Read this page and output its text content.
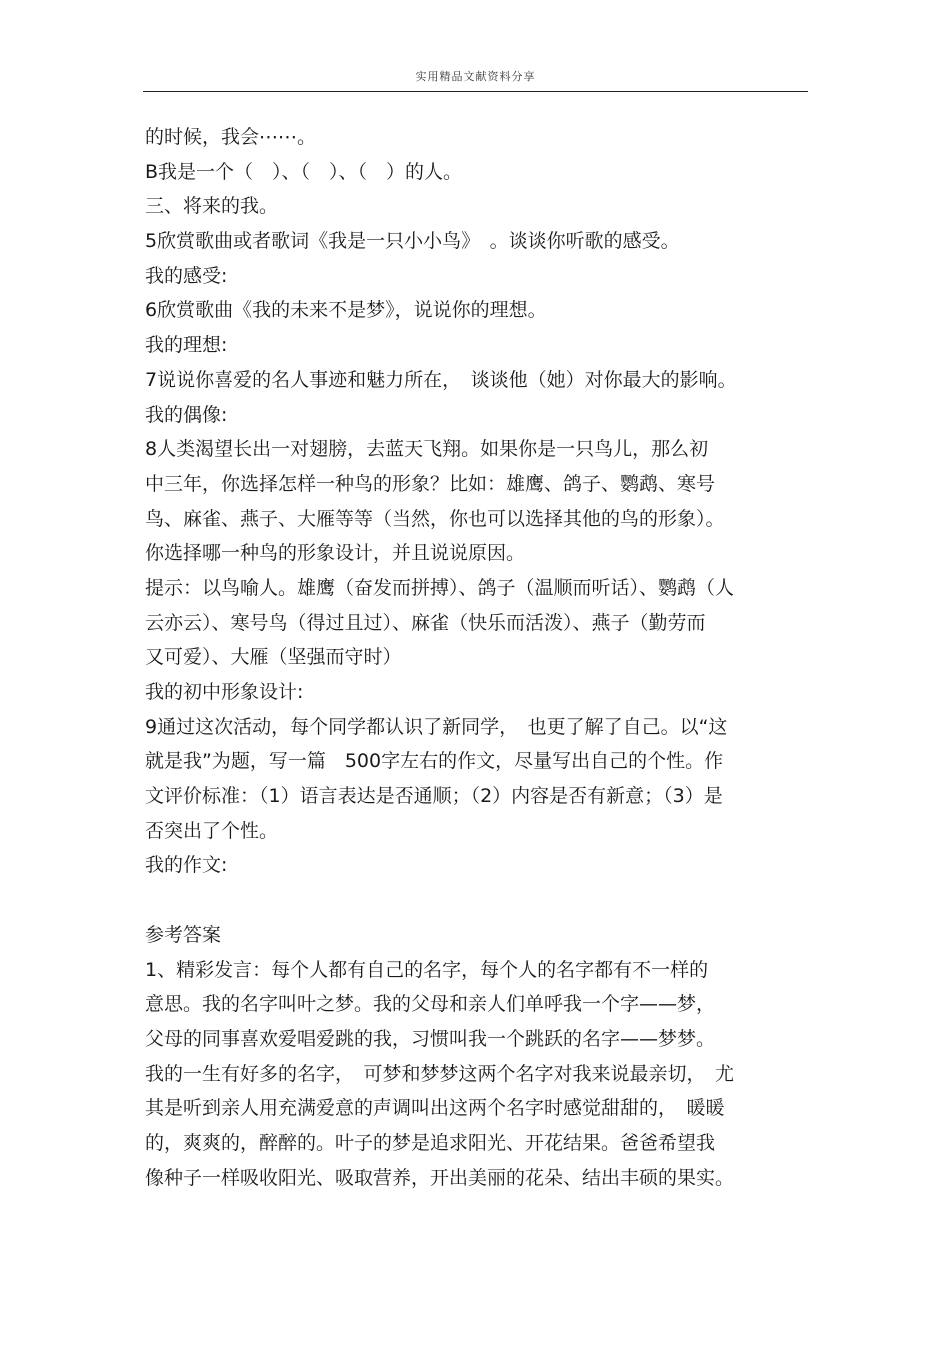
实用精品文献资料分享
的时候，我会⋯⋯。
B我是一个（　）、（　）、（　）的人。
三、将来的我。
5欣赏歌曲或者歌词《我是一只小小鸟》　。谈谈你听歌的感受。
我的感受:
6欣赏歌曲《我的未来不是梦》，说说你的理想。
我的理想:
7说说你喜爱的名人事迹和魅力所在，　谈谈他（她）对你最大的影响。
我的偶像:
8人类渴望长出一对翅膀，去蓝天飞翔。如果你是一只鸟儿，那么初
中三年，你选择怎样一种鸟的形象？比如：雄鹰、鸽子、鹦鹉、寒号
鸟、麻雀、燕子、大雁等等（当然，你也可以选择其他的鸟的形象）。
你选择哪一种鸟的形象设计，并且说说原因。
提示：以鸟喻人。雄鹰（奋发而拼搏）、鸽子（温顺而听话）、鹦鹉（人
云亦云）、寒号鸟（得过且过）、麻雀（快乐而活泼）、燕子（勤劳而
又可爱）、大雁（坚强而守时）
我的初中形象设计:
9通过这次活动，每个同学都认识了新同学，　也更了解了自己。以“这
就是我”为题，写一篇　500字左右的作文，尽量写出自己的个性。作
文评价标准：（1）语言表达是否通顺；（2）内容是否有新意；（3）是
否突出了个性。
我的作文:
参考答案
1、精彩发言：每个人都有自己的名字，每个人的名字都有不一样的
意思。我的名字叫叶之梦。我的父母和亲人们单呼我一个字——梦，
父母的同事喜欢爱唱爱跳的我，习惯叫我一个跳跃的名字——梦梦。
我的一生有好多的名字，　可梦和梦梦这两个名字对我来说最亲切，　尤
其是听到亲人用充满爱意的声调叫出这两个名字时感觉甜甜的，　暖暖
的，爽爽的，醉醉的。叶子的梦是追求阳光、开花结果。爸爸希望我
像种子一样吸收阳光、吸取营养，开出美丽的花朵、结出丰硕的果实。
